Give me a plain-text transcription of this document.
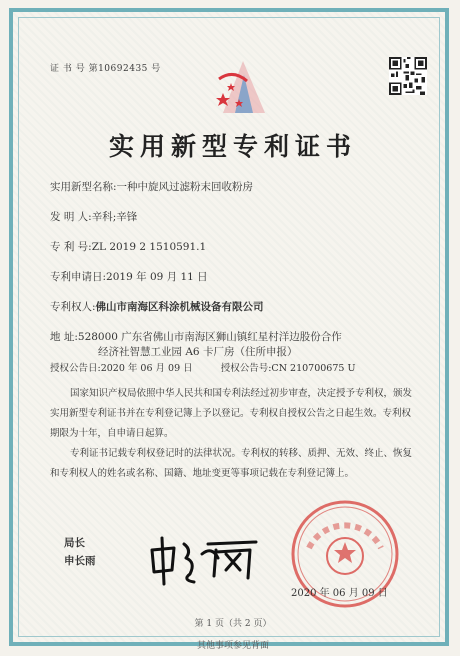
证 书 号 第10692435 号
实用新型专利证书
实用新型名称:一种中旋风过滤粉末回收粉房
发 明 人:辛科;辛锋
专 利 号:ZL 2019 2 1510591.1
专利申请日:2019 年 09 月 11 日
专利权人:佛山市南海区科涂机械设备有限公司
地 址:528000 广东省佛山市南海区狮山镇红星村洋边股份合作
经济社智慧工业园 A6 卡厂房（住所申报）
授权公告日:2020 年 06 月 09 日	授权公告号:CN 210700675 U

国家知识产权局依照中华人民共和国专利法经过初步审查，决定授予专利权，颁发实用新型专利证书并在专利登记簿上予以登记。专利权自授权公告之日起生效。专利权期限为十年，自申请日起算。

专利证书记载专利权登记时的法律状况。专利权的转移、质押、无效、终止、恢复和专利权人的姓名或名称、国籍、地址变更等事项记载在专利登记簿上。

局长
申长雨
2020 年 06 月 09 日
第 1 页（共 2 页）
其他事项参见背面
